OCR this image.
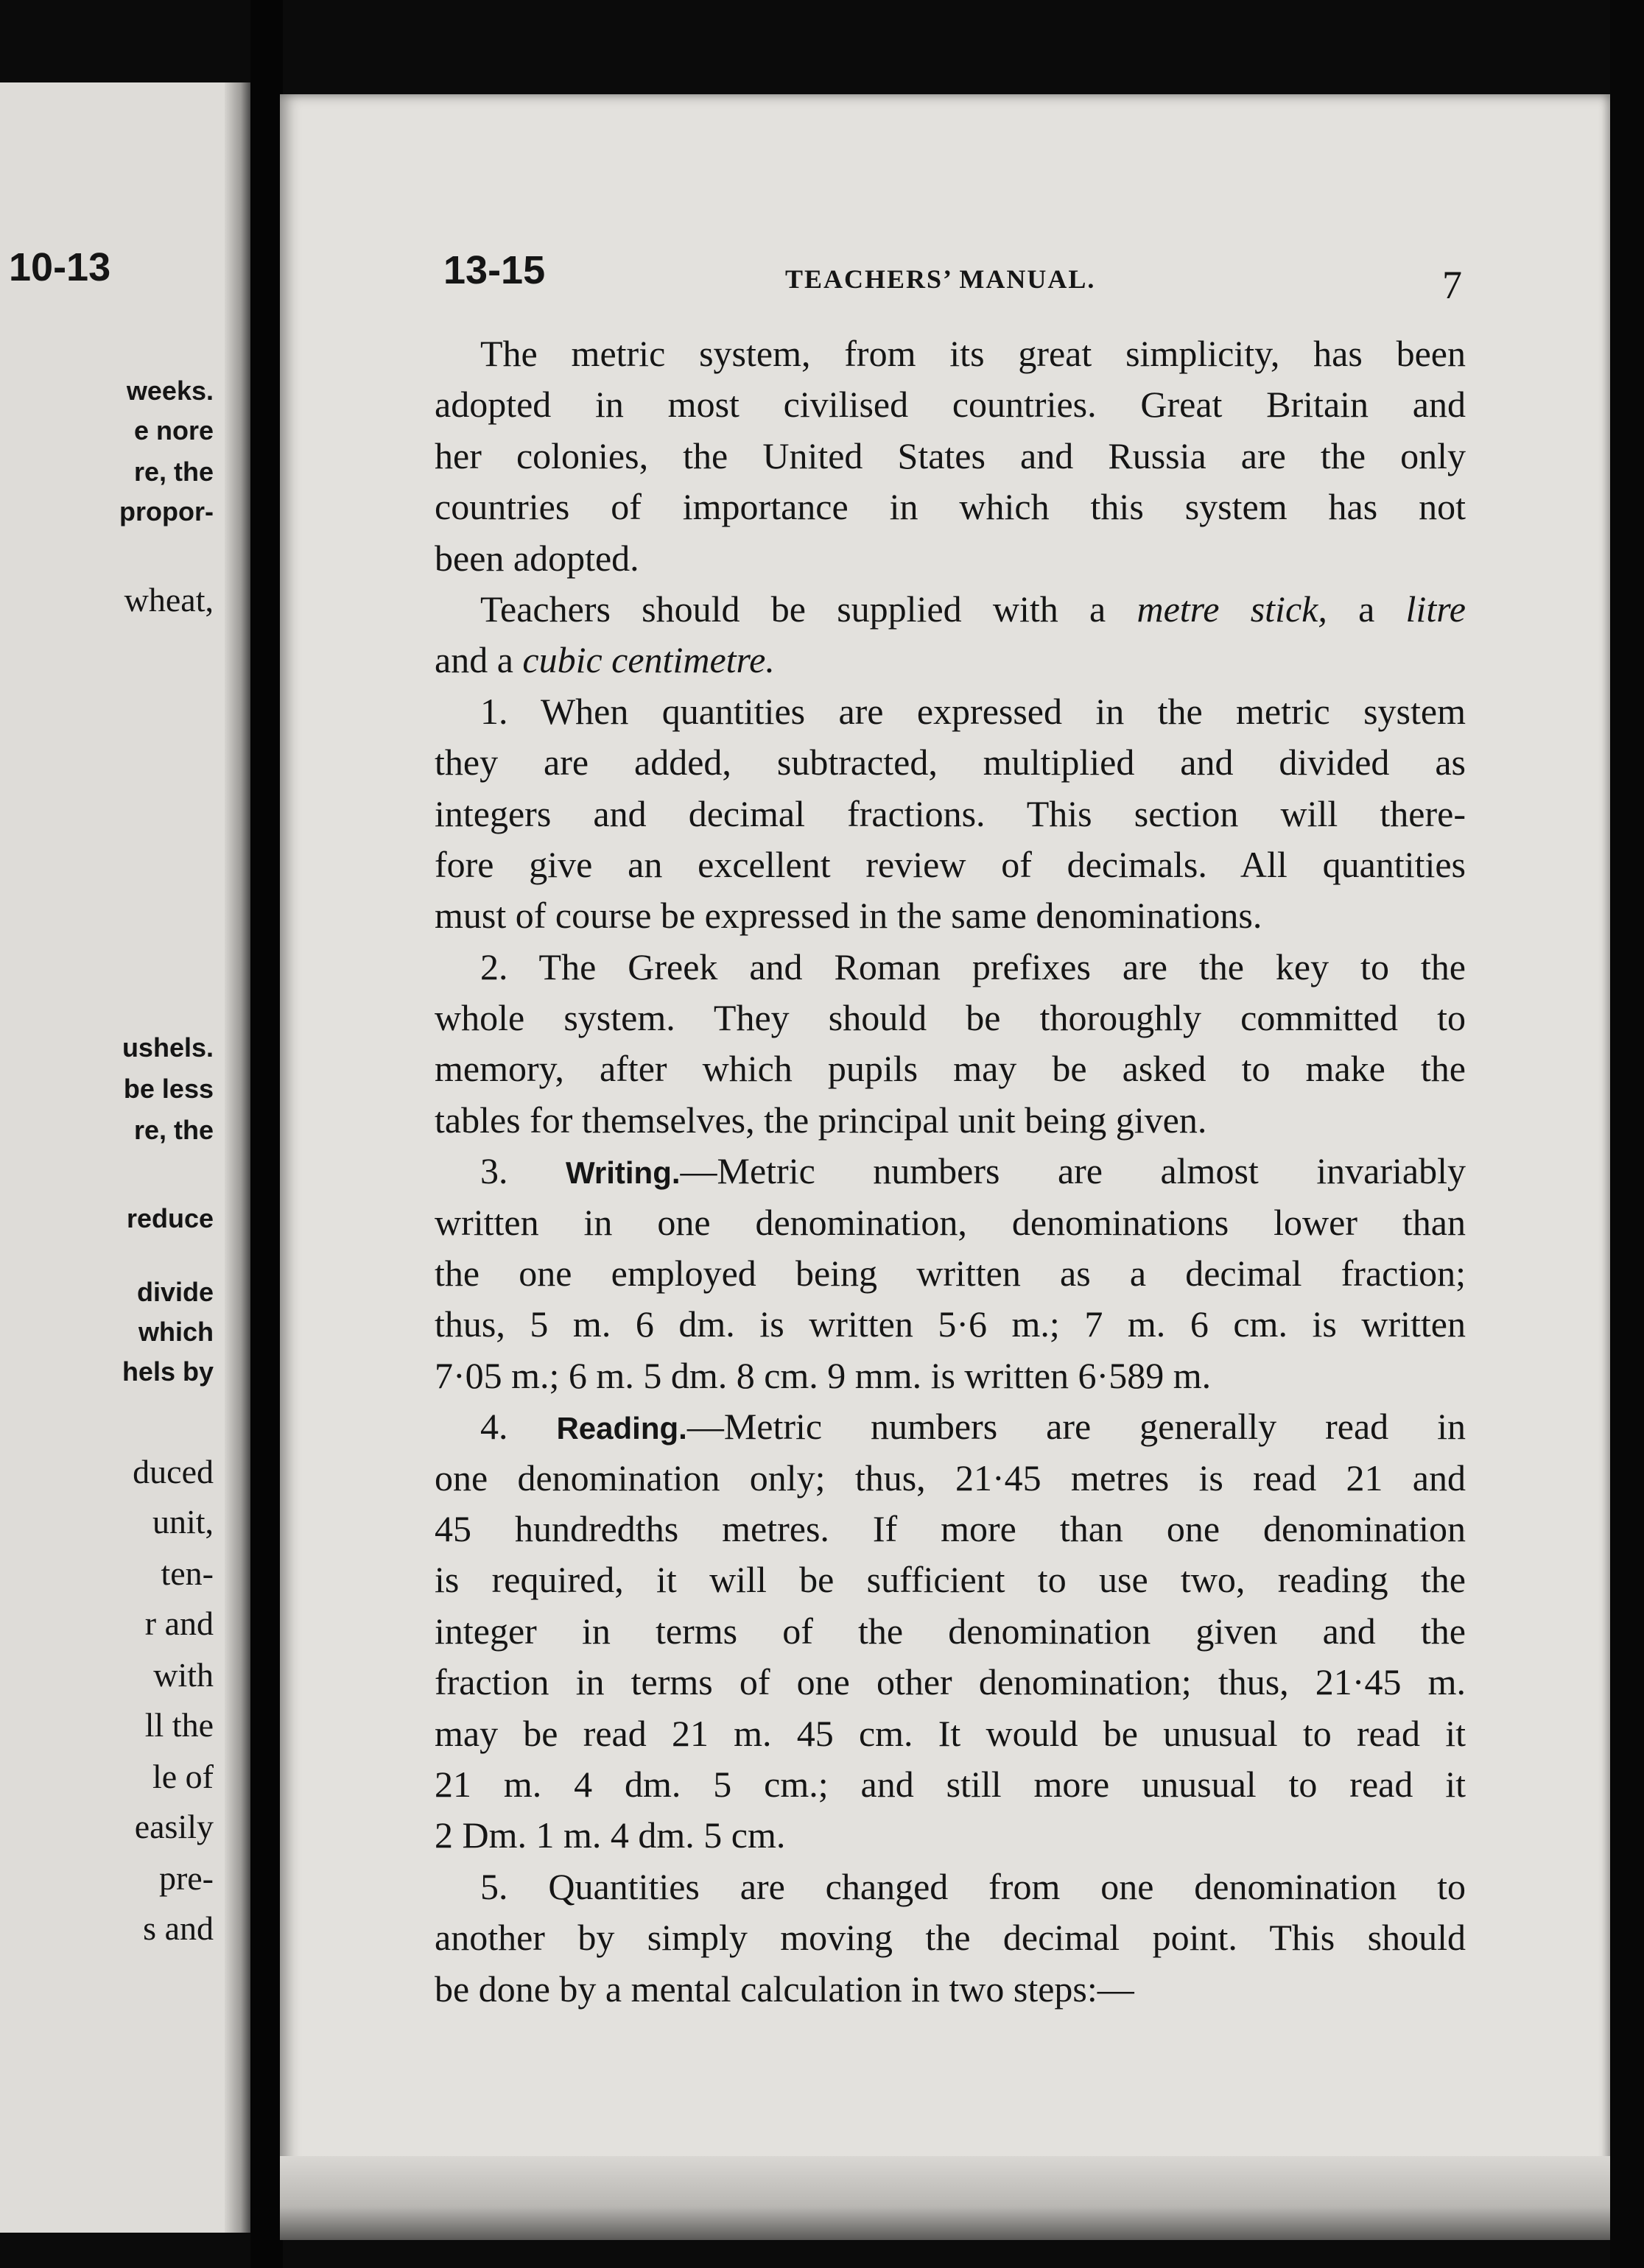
10-13
weeks.
e nore
re, the
propor-
wheat,
ushels.
be less
re, the
reduce
divide
which
hels by
duced
unit,
ten-
r and
with
ll the
le of
easily
pre-
s and
13-15	TEACHERS’ MANUAL.	7
The metric system, from its great simplicity, has been
adopted in most civilised countries. Great Britain and
her colonies, the United States and Russia are the only
countries of importance in which this system has not
been adopted.
Teachers should be supplied with a metre stick, a litre
and a cubic centimetre.
1. When quantities are expressed in the metric system
they are added, subtracted, multiplied and divided as
integers and decimal fractions. This section will there-
fore give an excellent review of decimals. All quantities
must of course be expressed in the same denominations.
2. The Greek and Roman prefixes are the key to the
whole system. They should be thoroughly committed to
memory, after which pupils may be asked to make the
tables for themselves, the principal unit being given.
3. Writing.—Metric numbers are almost invariably
written in one denomination, denominations lower than
the one employed being written as a decimal fraction;
thus, 5 m. 6 dm. is written 5·6 m.; 7 m. 6 cm. is written
7·05 m.; 6 m. 5 dm. 8 cm. 9 mm. is written 6·589 m.
4. Reading.—Metric numbers are generally read in
one denomination only; thus, 21·45 metres is read 21 and
45 hundredths metres. If more than one denomination
is required, it will be sufficient to use two, reading the
integer in terms of the denomination given and the
fraction in terms of one other denomination; thus, 21·45 m.
may be read 21 m. 45 cm. It would be unusual to read it
21 m. 4 dm. 5 cm.; and still more unusual to read it
2 Dm. 1 m. 4 dm. 5 cm.
5. Quantities are changed from one denomination to
another by simply moving the decimal point. This should
be done by a mental calculation in two steps:—
